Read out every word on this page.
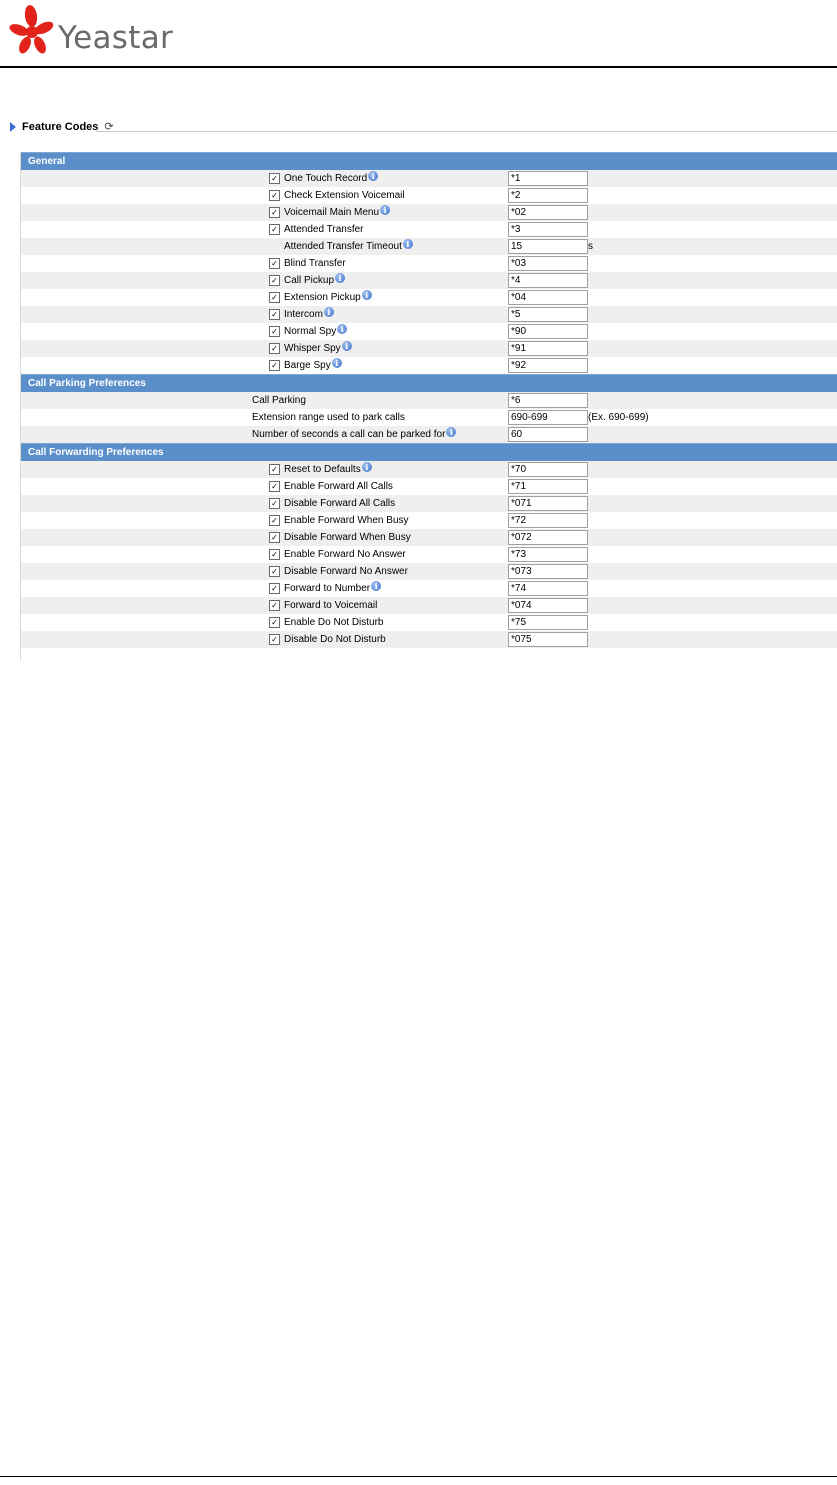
Yeastar
Feature Codes ⟳
General
✓ One Touch Record i	*1
✓ Check Extension Voicemail	*2
✓ Voicemail Main Menu i	*02
✓ Attended Transfer	*3
Attended Transfer Timeout i	15	s
✓ Blind Transfer	*03
✓ Call Pickup i	*4
✓ Extension Pickup i	*04
✓ Intercom i	*5
✓ Normal Spy i	*90
✓ Whisper Spy i	*91
✓ Barge Spy i	*92
Call Parking Preferences
Call Parking	*6
Extension range used to park calls	690-699	(Ex. 690-699)
Number of seconds a call can be parked for i	60
Call Forwarding Preferences
✓ Reset to Defaults i	*70
✓ Enable Forward All Calls	*71
✓ Disable Forward All Calls	*071
✓ Enable Forward When Busy	*72
✓ Disable Forward When Busy	*072
✓ Enable Forward No Answer	*73
✓ Disable Forward No Answer	*073
✓ Forward to Number i	*74
✓ Forward to Voicemail	*074
✓ Enable Do Not Disturb	*75
✓ Disable Do Not Disturb	*075
